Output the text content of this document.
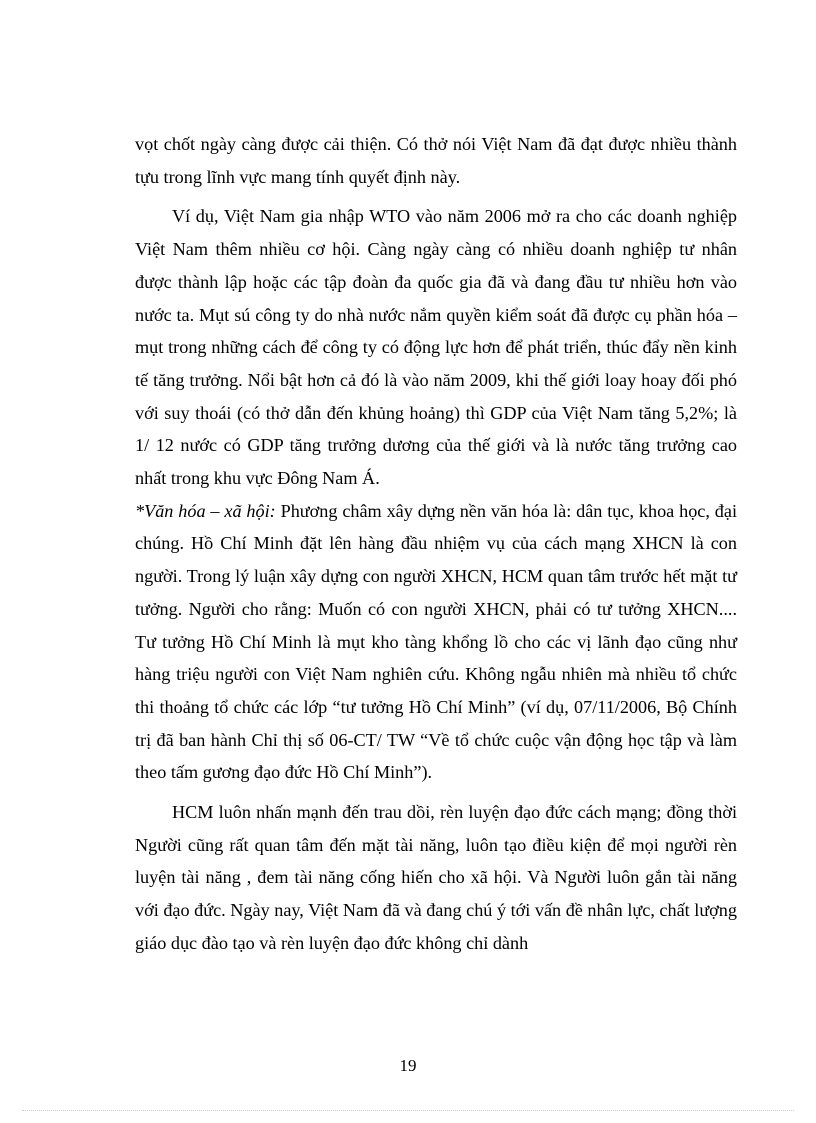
vọt chốt ngày càng được cải thiện. Có thở nói Việt Nam đã đạt được nhiều thành tựu trong lĩnh vực mang tính quyết định này.

Ví dụ, Việt Nam gia nhập WTO vào năm 2006 mở ra cho các doanh nghiệp Việt Nam thêm nhiều cơ hội. Càng ngày càng có nhiều doanh nghiệp tư nhân được thành lập hoặc các tập đoàn đa quốc gia đã và đang đầu tư nhiều hơn vào nước ta. Mụt sú công ty do nhà nước nắm quyền kiểm soát đã được cụ phần hóa – mụt trong những cách để công ty có động lực hơn để phát triển, thúc đẩy nền kinh tế tăng trưởng. Nổi bật hơn cả đó là vào năm 2009, khi thế giới loay hoay đối phó với suy thoái (có thở dẫn đến khủng hoảng) thì GDP của Việt Nam tăng 5,2%; là 1/ 12 nước có GDP tăng trưởng dương của thế giới và là nước tăng trưởng cao nhất trong khu vực Đông Nam Á.

*Văn hóa – xã hội: Phương châm xây dựng nền văn hóa là: dân tục, khoa học, đại chúng. Hồ Chí Minh đặt lên hàng đầu nhiệm vụ của cách mạng XHCN là con người. Trong lý luận xây dựng con người XHCN, HCM quan tâm trước hết mặt tư tưởng. Người cho rằng: Muốn có con người XHCN, phải có tư tưởng XHCN.... Tư tưởng Hồ Chí Minh là mụt kho tàng khổng lồ cho các vị lãnh đạo cũng như hàng triệu người con Việt Nam nghiên cứu. Không ngẫu nhiên mà nhiều tổ chức thi thoảng tổ chức các lớp “tư tưởng Hồ Chí Minh” (ví dụ, 07/11/2006, Bộ Chính trị đã ban hành Chỉ thị số 06-CT/ TW “Về tổ chức cuộc vận động học tập và làm theo tấm gương đạo đức Hồ Chí Minh”).

HCM luôn nhấn mạnh đến trau dồi, rèn luyện đạo đức cách mạng; đồng thời Người cũng rất quan tâm đến mặt tài năng, luôn tạo điều kiện để mọi người rèn luyện tài năng , đem tài năng cống hiến cho xã hội. Và Người luôn gắn tài năng với đạo đức. Ngày nay, Việt Nam đã và đang chú ý tới vấn đề nhân lực, chất lượng giáo dục đào tạo và rèn luyện đạo đức không chỉ dành

19
